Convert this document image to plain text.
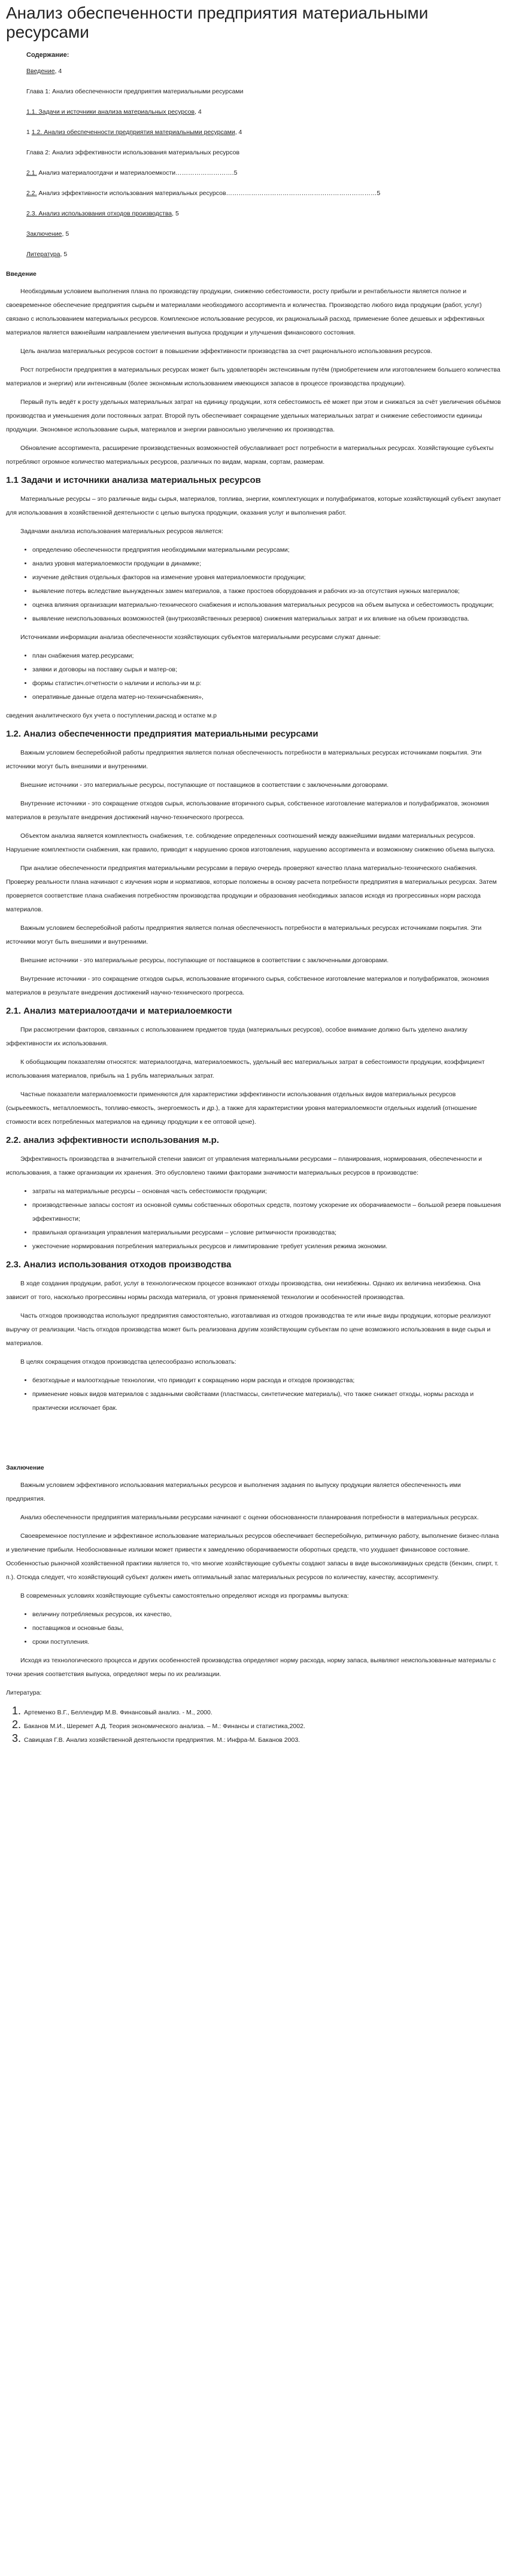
Анализ обеспеченности предприятия материальными ресурсами
Содержание:

Введение, 4

Глава 1: Анализ обеспеченности предприятия материальными ресурсами

1.1. Задачи и источники анализа материальных ресурсов, 4

1 1.2. Анализ обеспеченности предприятия материальными ресурсами, 4

Глава 2: Анализ эффективности использования материальных ресурсов

2.1. Анализ материалоотдачи и материалоемкости……………………….5

2.2. Анализ эффективности использования материальных ресурсов………………………………………………………………5

2.3. Анализ использования отходов производства, 5

Заключение, 5

Литература, 5

Введение

Необходимым условием выполнения плана по производству продукции, снижению себестоимости, росту прибыли и рентабельности является полное и своевременное обеспечение предприятия сырьём и материалами необходимого ассортимента и количества. Производство любого вида продукции (работ, услуг) связано с использованием материальных ресурсов. Комплексное использование ресурсов, их рациональный расход, применение более дешевых и эффективных материалов является важнейшим направлением увеличения выпуска продукции и улучшения финансового состояния.

Цель анализа материальных ресурсов состоит в повышении эффективности производства за счет рационального использования ресурсов.

Рост потребности предприятия в материальных ресурсах может быть удовлетворён экстенсивным путём (приобретением или изготовлением большего количества материалов и энергии) или интенсивным (более экономным использованием имеющихся запасов в процессе производства продукции).

Первый путь ведёт к росту удельных материальных затрат на единицу продукции, хотя себестоимость её может при этом и снижаться за счёт увеличения объёмов производства и уменьшения доли постоянных затрат. Второй путь обеспечивает сокращение удельных материальных затрат и снижение себестоимости единицы продукции. Экономное использование сырья, материалов и энергии равносильно увеличению их производства.

Обновление ассортимента, расширение производственных возможностей обуславливает рост потребности в материальных ресурсах. Хозяйствующие субъекты потребляют огромное количество материальных ресурсов, различных по видам, маркам, сортам, размерам.

1.1 Задачи и источники анализа материальных ресурсов

Материальные ресурсы – это различные виды сырья, материалов, топлива, энергии, комплектующих и полуфабрикатов, которые хозяйствующий субъект закупает для использования в хозяйственной деятельности с целью выпуска продукции, оказания услуг и выполнения работ.

Задачами анализа использования материальных ресурсов является:

• определению обеспеченности предприятия необходимыми материальными ресурсами;
• анализ уровня материалоемкости продукции в динамике;
• изучение действия отдельных факторов на изменение уровня материалоемкости продукции;
• выявление потерь вследствие вынужденных замен материалов, а также простоев оборудования и рабочих из-за отсутствия нужных материалов;
• оценка влияния организации материально-технического снабжения и использования материальных ресурсов на объем выпуска и себестоимость продукции;
• выявление неиспользованных возможностей (внутрихозяйственных резервов) снижения материальных затрат и их влияние на объем производства.

Источниками информации анализа обеспеченности хозяйствующих субъектов материальными ресурсами служат данные:

• план снабжения матер.ресурсами;
• заявки и договоры на поставку сырья и матер-ов;
• формы статистич.отчетности о наличии и использ-ии м.р:
• оперативные данные отдела матер-но-техничснабжения»,

сведения аналитического бух учета о поступлении,расход и остатке м.р

1.2. Анализ обеспеченности предприятия материальными ресурсами

Важным условием бесперебойной работы предприятия является полная обеспеченность потребности в материальных ресурсах источниками покрытия. Эти источники могут быть внешними и внутренними.

Внешние источники - это материальные ресурсы, поступающие от поставщиков в соответствии с заключенными договорами.

Внутренние источники - это сокращение отходов сырья, использование вторичного сырья, собственное изготовление материалов и полуфабрикатов, экономия материалов в результате внедрения достижений научно-технического прогресса.

Объектом анализа является комплектность снабжения, т.е. соблюдение определенных соотношений между важнейшими видами материальных ресурсов. Нарушение комплектности снабжения, как правило, приводит к нарушению сроков изготовления, нарушению ассортимента и возможному снижению объема выпуска.

При анализе обеспеченности предприятия материальными ресурсами в первую очередь проверяют качество плана материально-технического снабжения. Проверку реальности плана начинают с изучения норм и нормативов, которые положены в основу расчета потребности предприятия в материальных ресурсах. Затем проверяется соответствие плана снабжения потребностям производства продукции и образования необходимых запасов исходя из прогрессивных норм расхода материалов.

Важным условием бесперебойной работы предприятия является полная обеспеченность потребности в материальных ресурсах источниками покрытия. Эти источники могут быть внешними и внутренними.

Внешние источники - это материальные ресурсы, поступающие от поставщиков в соответствии с заключенными договорами.

Внутренние источники - это сокращение отходов сырья, использование вторичного сырья, собственное изготовление материалов и полуфабрикатов, экономия материалов в результате внедрения достижений научно-технического прогресса.

2.1. Анализ материалоотдачи и материалоемкости

При рассмотрении факторов, связанных с использованием предметов труда (материальных ресурсов), особое внимание должно быть уделено анализу эффективности их использования.

К обобщающим показателям относятся: материалоотдача, материалоемкость, удельный вес материальных затрат в себестоимости продукции, коэффициент использования материалов, прибыль на 1 рубль материальных затрат.

Частные показатели материалоемкости применяются для характеристики эффективности использования отдельных видов материальных ресурсов (сырьеемкость, металлоемкость, топливо-емкость, энергоемкость и др.), а также для характеристики уровня материалоемкости отдельных изделий (отношение стоимости всех потребленных материалов на единицу продукции к ее оптовой цене).

2.2. анализ эффективности использования м.р.

Эффективность производства в значительной степени зависит от управления материальными ресурсами – планирования, нормирования, обеспеченности и использования, а также организации их хранения. Это обусловлено такими факторами значимости материальных ресурсов в производстве:

• затраты на материальные ресурсы – основная часть себестоимости продукции;
• производственные запасы состоят из основной суммы собственных оборотных средств, поэтому ускорение их оборачиваемости – большой резерв повышения эффективности;
• правильная организация управления материальными ресурсами – условие ритмичности производства;
• ужесточение нормирования потребления материальных ресурсов и лимитирование требует усиления режима экономии.
2.3. Анализ использования отходов производства

В ходе создания продукции, работ, услуг в технологическом процессе возникают отходы производства, они неизбежны. Однако их величина неизбежна. Она зависит от того, насколько прогрессивны нормы расхода материала, от уровня применяемой технологии и особенностей производства.

Часть отходов производства используют предприятия самостоятельно, изготавливая из отходов производства те или иные виды продукции, которые реализуют выручку от реализации. Часть отходов производства может быть реализована другим хозяйствующим субъектам по цене возможного использования в виде сырья и материалов.

В целях сокращения отходов производства целесообразно использовать:

• безотходные и малоотходные технологии, что приводит к сокращению норм расхода и отходов производства;
• применение новых видов материалов с заданными свойствами (пластмассы, синтетические материалы), что также снижает отходы, нормы расхода и практически исключает брак.
Заключение

Важным условием эффективного использования материальных ресурсов и выполнения задания по выпуску продукции является обеспеченность ими предприятия.

Анализ обеспеченности предприятия материальными ресурсами начинают с оценки обоснованности планирования потребности в материальных ресурсах.

Своевременное поступление и эффективное использование материальных ресурсов обеспечивает бесперебойную, ритмичную работу, выполнение бизнес-плана и увеличение прибыли. Необоснованные излишки может привести к замедлению оборачиваемости оборотных средств, что ухудшает финансовое состояние. Особенностью рыночной хозяйственной практики является то, что многие хозяйствующие субъекты создают запасы в виде высоколиквидных средств (бензин, спирт, т. п.). Отсюда следует, что хозяйствующий субъект должен иметь оптимальный запас материальных ресурсов по количеству, качеству, ассортименту.

В современных условиях хозяйствующие субъекты самостоятельно определяют исходя из программы выпуска:

• величину потребляемых ресурсов, их качество,
• поставщиков и основные базы,
• сроки поступления.

Исходя из технологического процесса и других особенностей производства определяют норму расхода, норму запаса, выявляют неиспользованные материалы с точки зрения соответствия выпуска, определяют меры по их реализации.

Литература:

1. Артеменко В.Г., Беллендир М.В. Финансовый анализ. - М., 2000.
2. Баканов М.И., Шеремет А.Д. Теория экономического анализа. – М.: Финансы и статистика,2002.
3. Савицкая Г.В. Анализ хозяйственной деятельности предприятия. М.: Инфра-М. Баканов 2003.
